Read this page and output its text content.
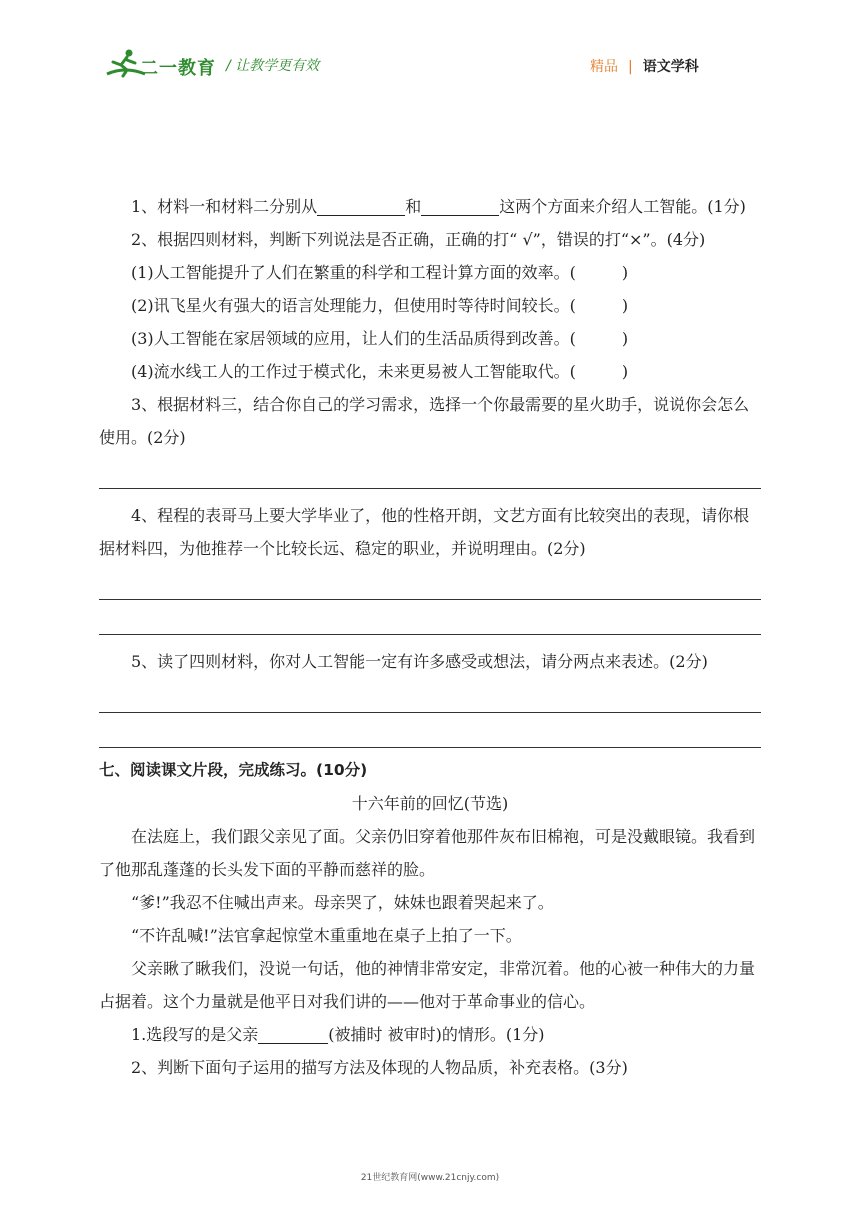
二一教育 / 让教学更有效	精品 | 语文学科

1、材料一和材料二分别从	和	这两个方面来介绍人工智能。(1分)

2、根据四则材料，判断下列说法是否正确，正确的打“ √”，错误的打“×”。(4分)

(1)人工智能提升了人们在繁重的科学和工程计算方面的效率。(	)

(2)讯飞星火有强大的语言处理能力，但使用时等待时间较长。(	)

(3)人工智能在家居领域的应用，让人们的生活品质得到改善。(	)

(4)流水线工人的工作过于模式化，未来更易被人工智能取代。(	)

3、根据材料三，结合你自己的学习需求，选择一个你最需要的星火助手，说说你会怎么使用。(2分)

4、程程的表哥马上要大学毕业了，他的性格开朗，文艺方面有比较突出的表现，请你根据材料四，为他推荐一个比较长远、稳定的职业，并说明理由。(2分)

5、读了四则材料，你对人工智能一定有许多感受或想法，请分两点来表述。(2分)

七、阅读课文片段，完成练习。(10分)

十六年前的回忆(节选)

在法庭上，我们跟父亲见了面。父亲仍旧穿着他那件灰布旧棉袍，可是没戴眼镜。我看到了他那乱蓬蓬的长头发下面的平静而慈祥的脸。

“爹!”我忍不住喊出声来。母亲哭了，妹妹也跟着哭起来了。

“不许乱喊!”法官拿起惊堂木重重地在桌子上拍了一下。

父亲瞅了瞅我们，没说一句话，他的神情非常安定，非常沉着。他的心被一种伟大的力量占据着。这个力量就是他平日对我们讲的——他对于革命事业的信心。

1.选段写的是父亲	(被捕时 被审时)的情形。(1分)

2、判断下面句子运用的描写方法及体现的人物品质，补充表格。(3分)

21世纪教育网(www.21cnjy.com)
